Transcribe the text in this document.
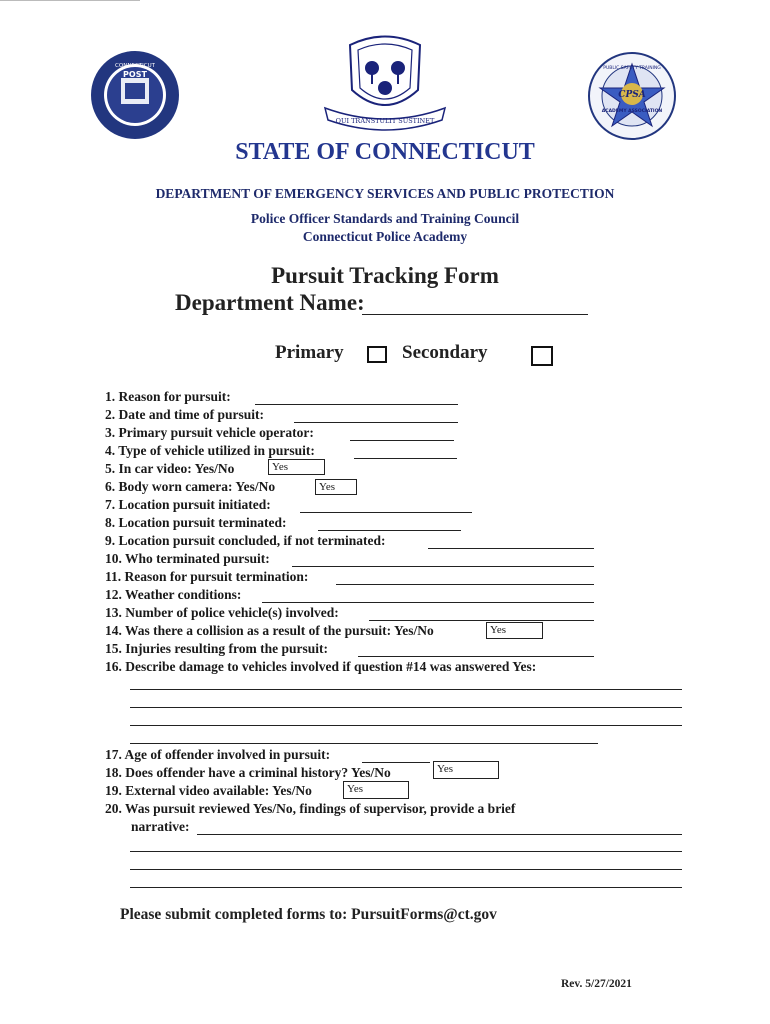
POST
CONNECTICUT
QUI TRANSTULIT SUSTINET
CPSA
PUBLIC SAFETY TRAINING
ACADEMY ASSOCIATION
STATE OF CONNECTICUT
DEPARTMENT OF EMERGENCY SERVICES AND PUBLIC PROTECTION
Police Officer Standards and Training Council
Connecticut Police Academy
Pursuit Tracking Form
Department Name:
Primary	Secondary
1. Reason for pursuit:
2. Date and time of pursuit:
3. Primary pursuit vehicle operator:
4. Type of vehicle utilized in pursuit:
5. In car video: Yes/No	Yes
6. Body worn camera: Yes/No	Yes
7. Location pursuit initiated:
8. Location pursuit terminated:
9. Location pursuit concluded, if not terminated:
10. Who terminated pursuit:
11. Reason for pursuit termination:
12. Weather conditions:
13. Number of police vehicle(s) involved:
14. Was there a collision as a result of the pursuit: Yes/No	Yes
15. Injuries resulting from the pursuit:
16. Describe damage to vehicles involved if question #14 was answered Yes:
17. Age of offender involved in pursuit:
18. Does offender have a criminal history? Yes/No	Yes
19. External video available: Yes/No	Yes
20. Was pursuit reviewed Yes/No, findings of supervisor, provide a brief
narrative:
Please submit completed forms to: PursuitForms@ct.gov
Rev. 5/27/2021
